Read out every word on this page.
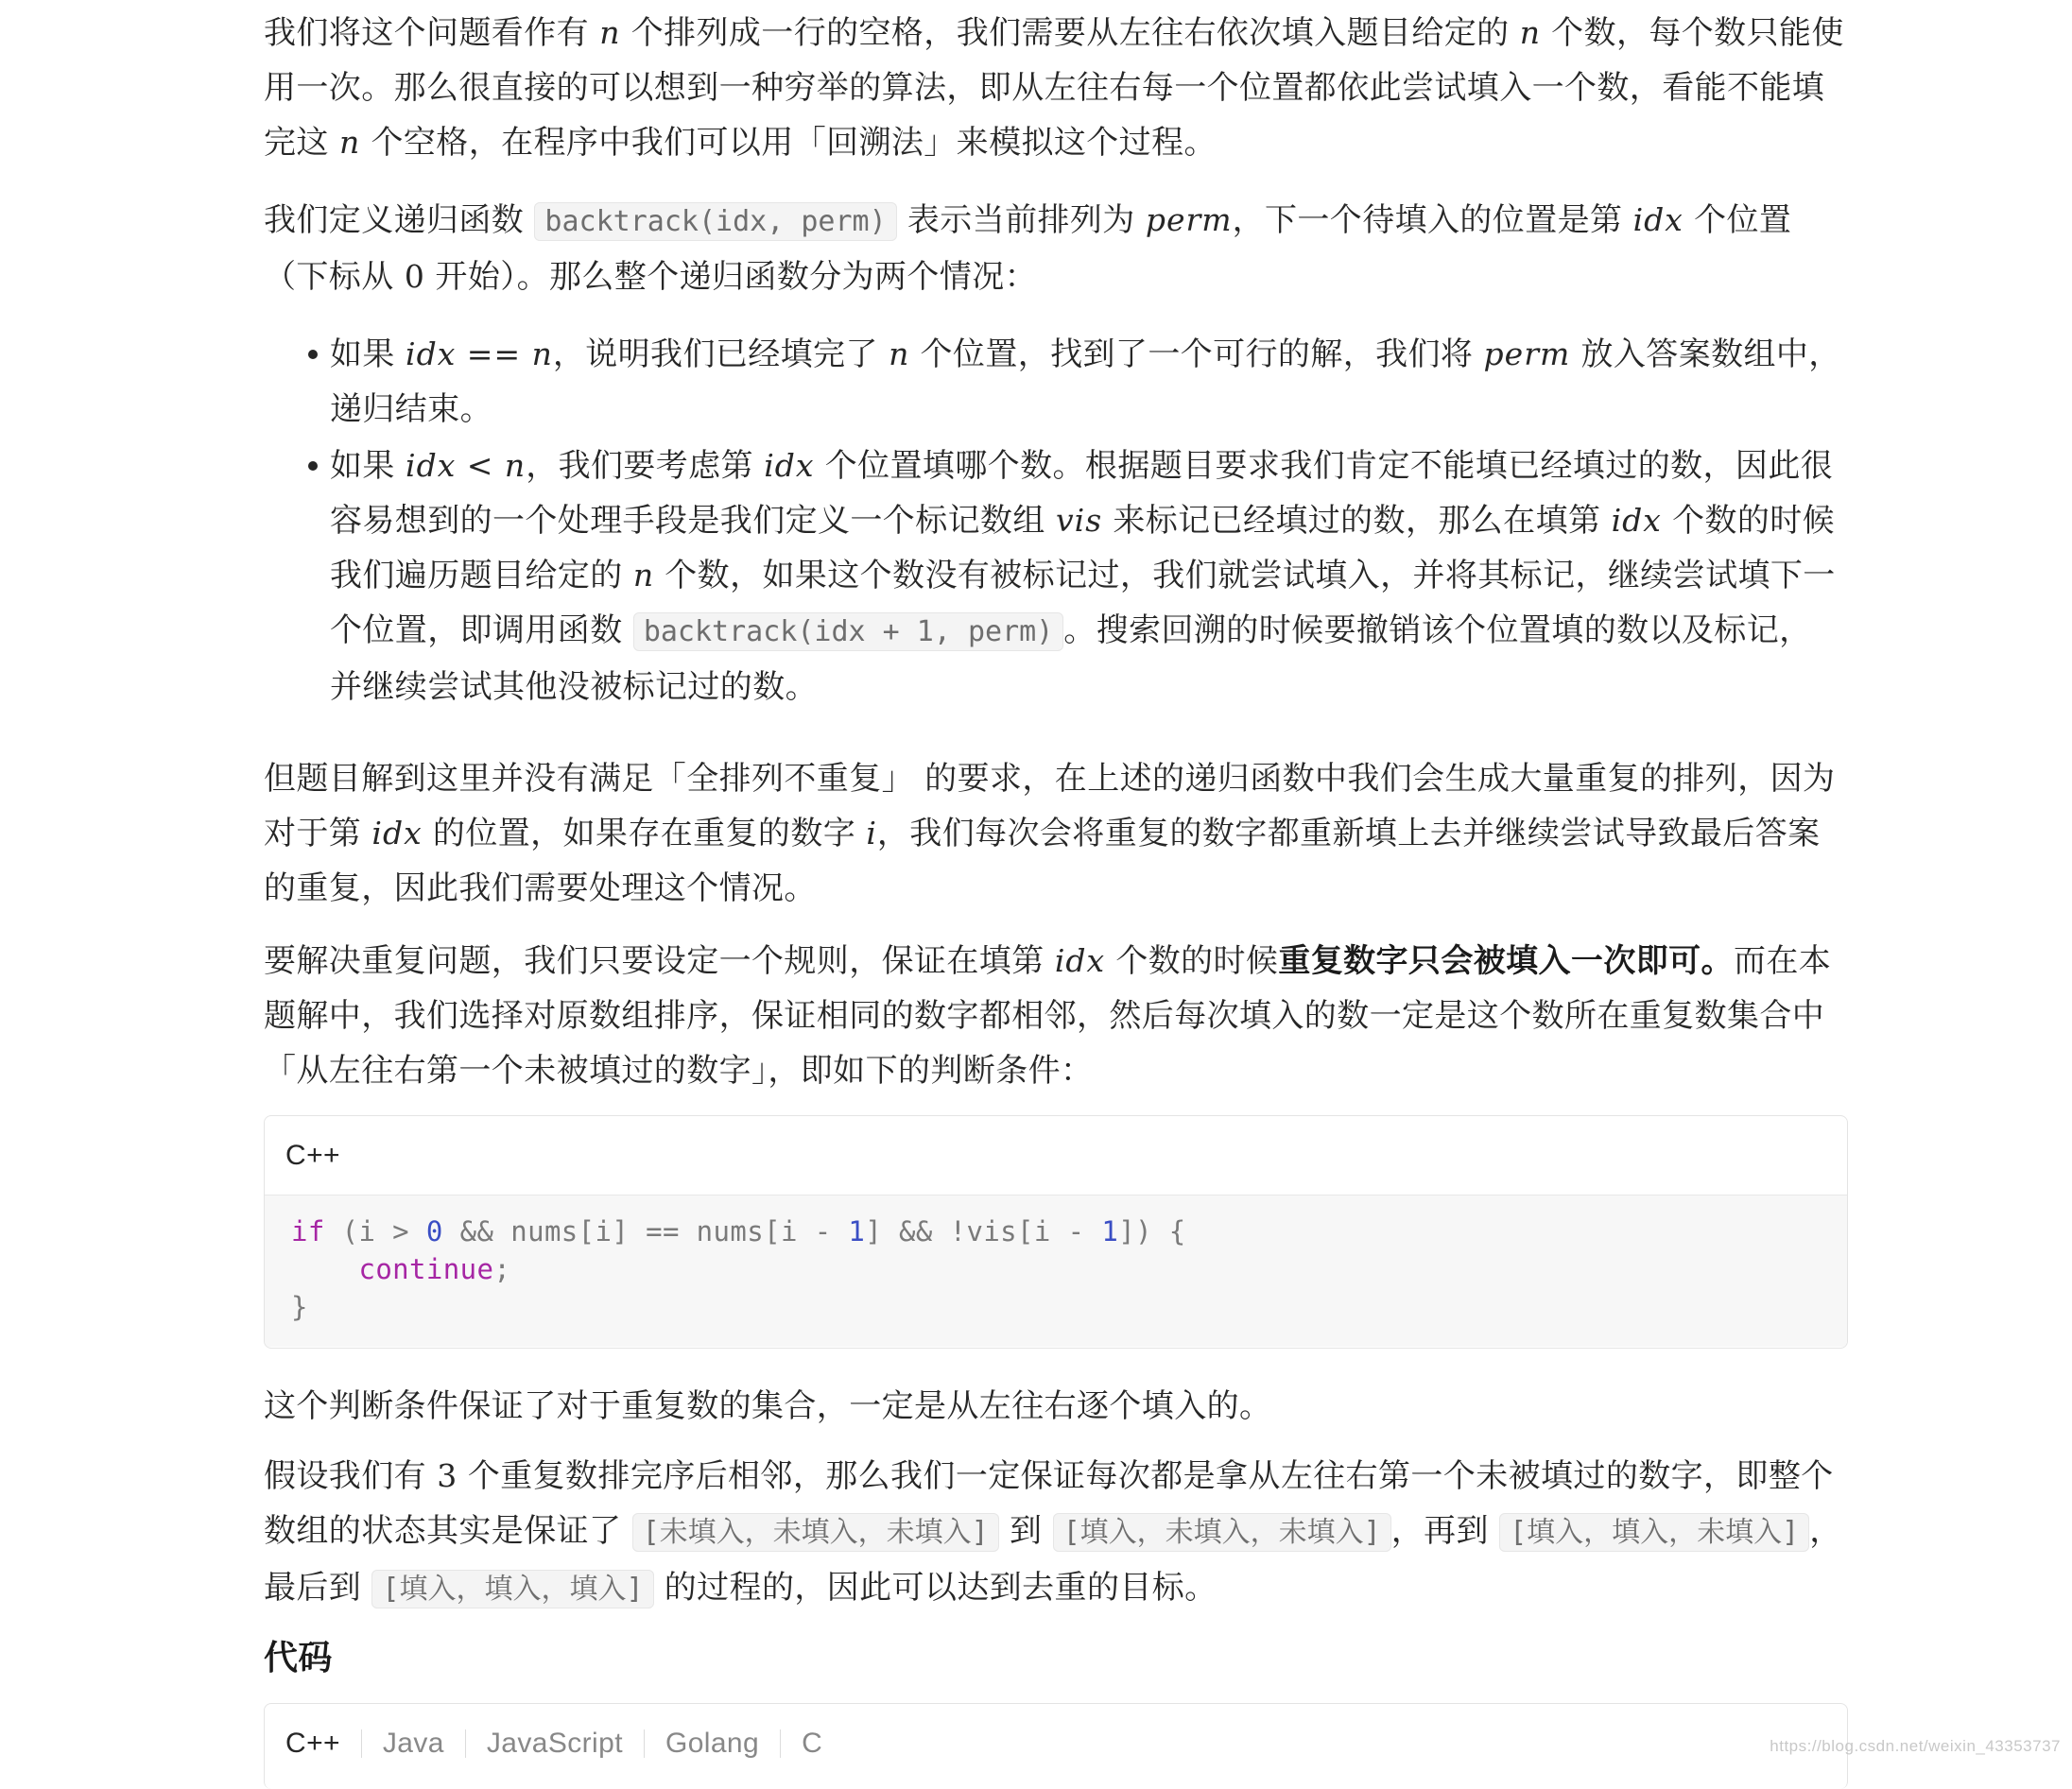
我们将这个问题看作有 n 个排列成一行的空格，我们需要从左往右依次填入题目给定的 n 个数，每个数只能使用一次。那么很直接的可以想到一种穷举的算法，即从左往右每一个位置都依此尝试填入一个数，看能不能填完这 n 个空格，在程序中我们可以用「回溯法」来模拟这个过程。

我们定义递归函数 backtrack(idx, perm) 表示当前排列为 perm，下一个待填入的位置是第 idx 个位置（下标从 0 开始）。那么整个递归函数分为两个情况：

如果 idx == n，说明我们已经填完了 n 个位置，找到了一个可行的解，我们将 perm 放入答案数组中，递归结束。
如果 idx < n，我们要考虑第 idx 个位置填哪个数。根据题目要求我们肯定不能填已经填过的数，因此很容易想到的一个处理手段是我们定义一个标记数组 vis 来标记已经填过的数，那么在填第 idx 个数的时候我们遍历题目给定的 n 个数，如果这个数没有被标记过，我们就尝试填入，并将其标记，继续尝试填下一个位置，即调用函数 backtrack(idx + 1, perm) 。搜索回溯的时候要撤销该个位置填的数以及标记，并继续尝试其他没被标记过的数。

但题目解到这里并没有满足「全排列不重复」 的要求，在上述的递归函数中我们会生成大量重复的排列，因为对于第 idx 的位置，如果存在重复的数字 i，我们每次会将重复的数字都重新填上去并继续尝试导致最后答案的重复，因此我们需要处理这个情况。

要解决重复问题，我们只要设定一个规则，保证在填第 idx 个数的时候重复数字只会被填入一次即可。而在本题解中，我们选择对原数组排序，保证相同的数字都相邻，然后每次填入的数一定是这个数所在重复数集合中「从左往右第一个未被填过的数字」，即如下的判断条件：

C++
if (i > 0 && nums[i] == nums[i - 1] && !vis[i - 1]) {
continue;
}

这个判断条件保证了对于重复数的集合，一定是从左往右逐个填入的。

假设我们有 3 个重复数排完序后相邻，那么我们一定保证每次都是拿从左往右第一个未被填过的数字，即整个数组的状态其实是保证了 [未填入，未填入，未填入] 到 [填入，未填入，未填入] ，再到 [填入，填入，未填入] ，最后到 [填入，填入，填入] 的过程的，因此可以达到去重的目标。

代码
C++ Java JavaScript Golang C	https://blog.csdn.net/weixin_43353737
